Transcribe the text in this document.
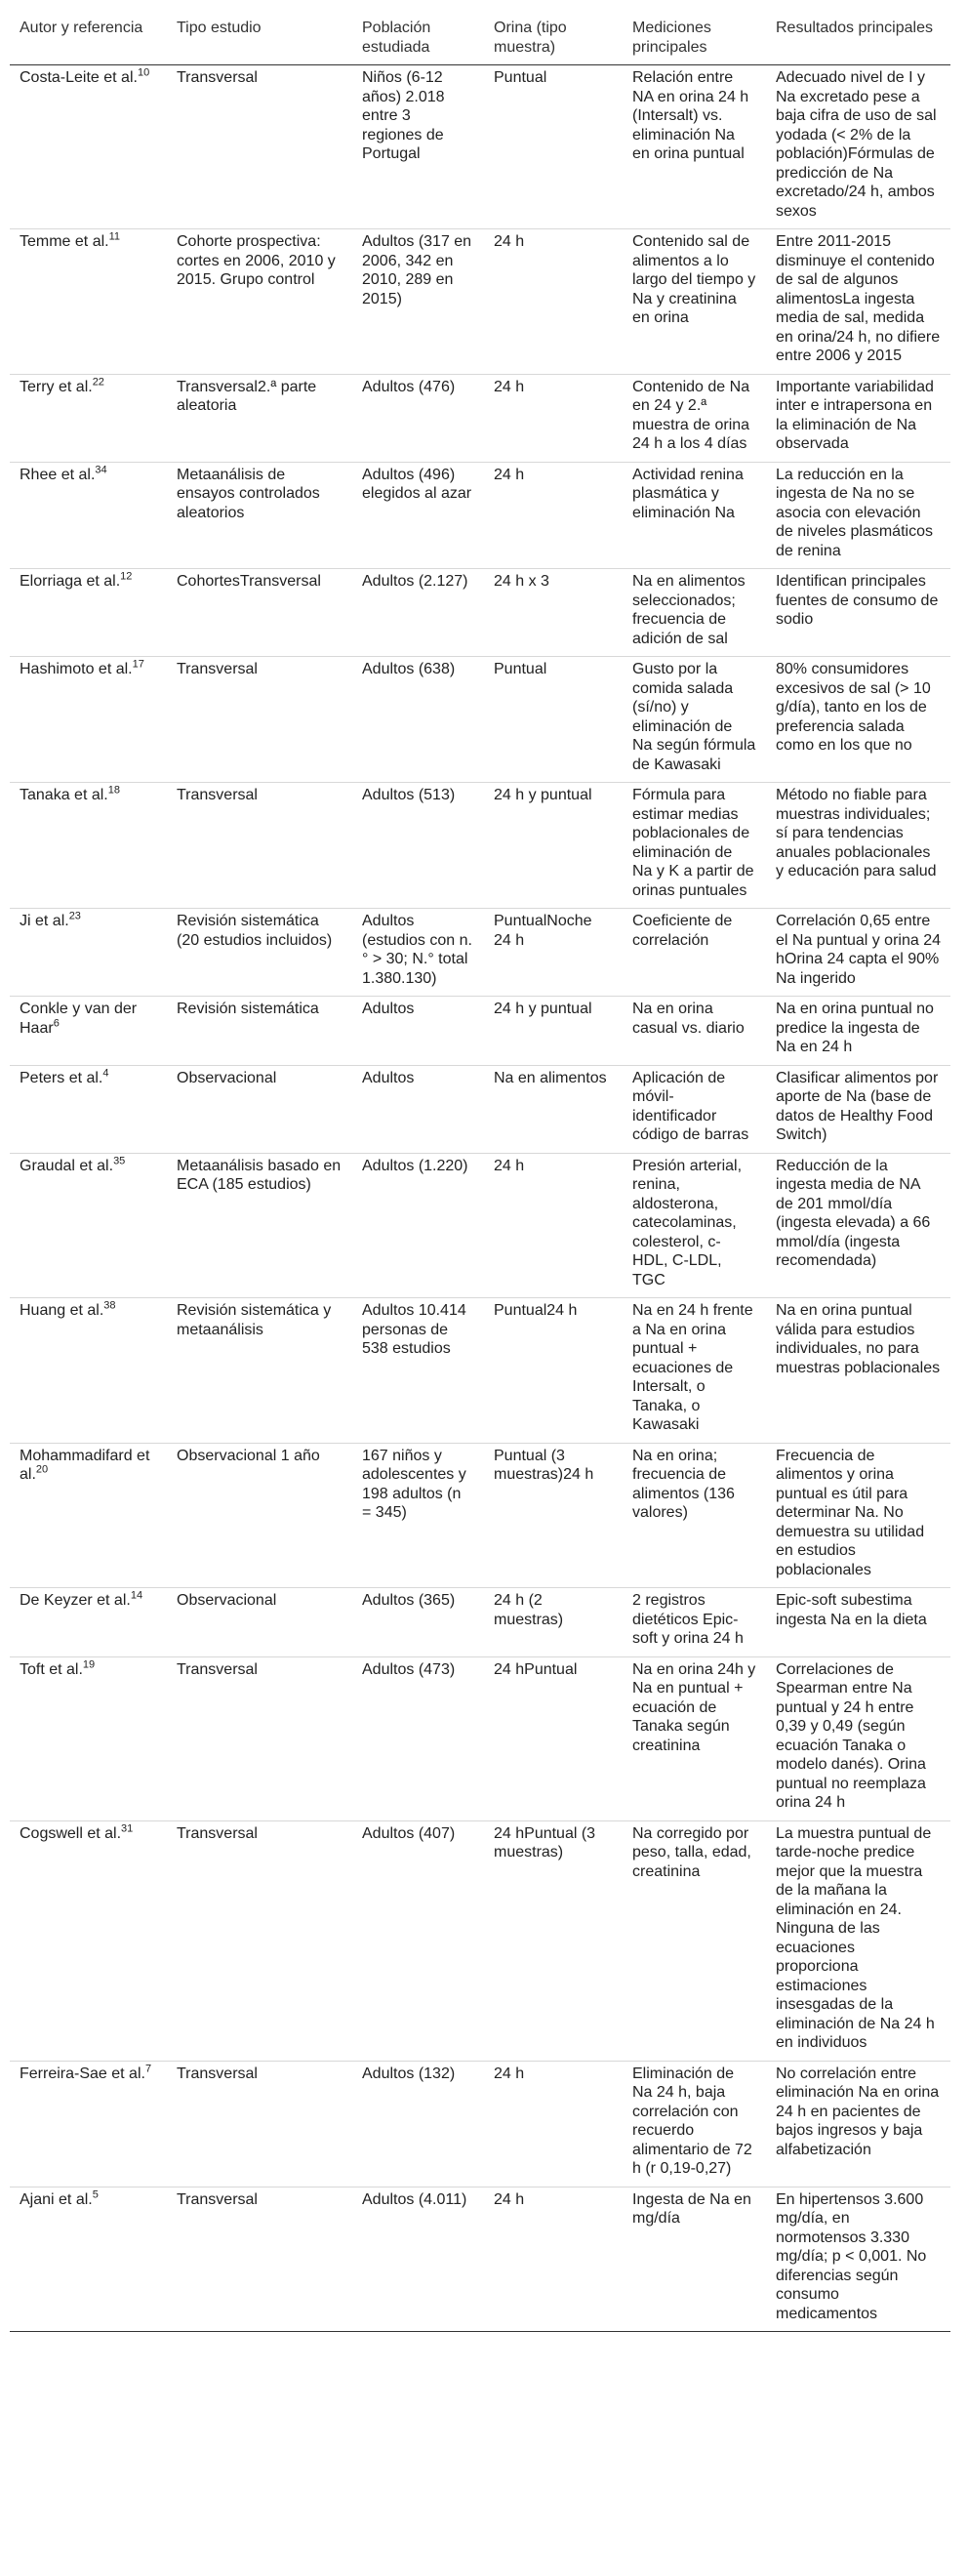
Autor y referencia	Tipo estudio	Población estudiada	Orina (tipo muestra)	Mediciones principales	Resultados principales
Costa-Leite et al.$^{10}$	Transversal	Niños (6-12 años) 2.018 entre 3 regiones de Portugal	Puntual	Relación entre NA en orina 24 h (Intersalt) vs. eliminación Na en orina puntual	Adecuado nivel de I y Na excretado pese a baja cifra de uso de sal yodada (< 2% de la población)Fórmulas de predicción de Na excretado/24 h, ambos sexos
Temme et al.$^{11}$	Cohorte prospectiva: cortes en 2006, 2010 y 2015. Grupo control	Adultos (317 en 2006, 342 en 2010, 289 en 2015)	24 h	Contenido sal de alimentos a lo largo del tiempo y Na y creatinina en orina	Entre 2011-2015 disminuye el contenido de sal de algunos alimentosLa ingesta media de sal, medida en orina/24 h, no difiere entre 2006 y 2015
Terry et al.$^{22}$	Transversal2.ª parte aleatoria	Adultos (476)	24 h	Contenido de Na en 24 y 2.ª muestra de orina 24 h a los 4 días	Importante variabilidad inter e intrapersona en la eliminación de Na observada
Rhee et al.$^{34}$	Metaanálisis de ensayos controlados aleatorios	Adultos (496) elegidos al azar	24 h	Actividad renina plasmática y eliminación Na	La reducción en la ingesta de Na no se asocia con elevación de niveles plasmáticos de renina
Elorriaga et al.$^{12}$	CohortesTransversal	Adultos (2.127)	24 h x 3	Na en alimentos seleccionados; frecuencia de adición de sal	Identifican principales fuentes de consumo de sodio
Hashimoto et al.$^{17}$	Transversal	Adultos (638)	Puntual	Gusto por la comida salada (sí/no) y eliminación de Na según fórmula de Kawasaki	80% consumidores excesivos de sal (> 10 g/día), tanto en los de preferencia salada como en los que no
Tanaka et al.$^{18}$	Transversal	Adultos (513)	24 h y puntual	Fórmula para estimar medias poblacionales de eliminación de Na y K a partir de orinas puntuales	Método no fiable para muestras individuales; sí para tendencias anuales poblacionales y educación para salud
Ji et al.$^{23}$	Revisión sistemática (20 estudios incluidos)	Adultos (estudios con n.° > 30; N.° total 1.380.130)	PuntualNoche 24 h	Coeficiente de correlación	Correlación 0,65 entre el Na puntual y orina 24 hOrina 24 capta el 90% Na ingerido
Conkle y van der Haar$^6$	Revisión sistemática	Adultos	24 h y puntual	Na en orina casual vs. diario	Na en orina puntual no predice la ingesta de Na en 24 h
Peters et al.$^4$	Observacional	Adultos	Na en alimentos	Aplicación de móvil-identificador código de barras	Clasificar alimentos por aporte de Na (base de datos de Healthy Food Switch)
Graudal et al.$^{35}$	Metaanálisis basado en ECA (185 estudios)	Adultos (1.220)	24 h	Presión arterial, renina, aldosterona, catecolaminas, colesterol, c-HDL, C-LDL, TGC	Reducción de la ingesta media de NA de 201 mmol/día (ingesta elevada) a 66 mmol/día (ingesta recomendada)
Huang et al.$^{38}$	Revisión sistemática y metaanálisis	Adultos 10.414 personas de 538 estudios	Puntual24 h	Na en 24 h frente a Na en orina puntual + ecuaciones de Intersalt, o Tanaka, o Kawasaki	Na en orina puntual válida para estudios individuales, no para muestras poblacionales
Mohammadifard et al.$^{20}$	Observacional 1 año	167 niños y adolescentes y 198 adultos (n = 345)	Puntual (3 muestras)24 h	Na en orina; frecuencia de alimentos (136 valores)	Frecuencia de alimentos y orina puntual es útil para determinar Na. No demuestra su utilidad en estudios poblacionales
De Keyzer et al.$^{14}$	Observacional	Adultos (365)	24 h (2 muestras)	2 registros dietéticos Epic-soft y orina 24 h	Epic-soft subestima ingesta Na en la dieta
Toft et al.$^{19}$	Transversal	Adultos (473)	24 hPuntual	Na en orina 24h y Na en puntual + ecuación de Tanaka según creatinina	Correlaciones de Spearman entre Na puntual y 24 h entre 0,39 y 0,49 (según ecuación Tanaka o modelo danés). Orina puntual no reemplaza orina 24 h
Cogswell et al.$^{31}$	Transversal	Adultos (407)	24 hPuntual (3 muestras)	Na corregido por peso, talla, edad, creatinina	La muestra puntual de tarde-noche predice mejor que la muestra de la mañana la eliminación en 24. Ninguna de las ecuaciones proporciona estimaciones insesgadas de la eliminación de Na 24 h en individuos
Ferreira-Sae et al.$^7$	Transversal	Adultos (132)	24 h	Eliminación de Na 24 h, baja correlación con recuerdo alimentario de 72 h (r 0,19-0,27)	No correlación entre eliminación Na en orina 24 h en pacientes de bajos ingresos y baja alfabetización
Ajani et al.$^5$	Transversal	Adultos (4.011)	24 h	Ingesta de Na en mg/día	En hipertensos 3.600 mg/día, en normotensos 3.330 mg/día; p < 0,001. No diferencias según consumo medicamentos
